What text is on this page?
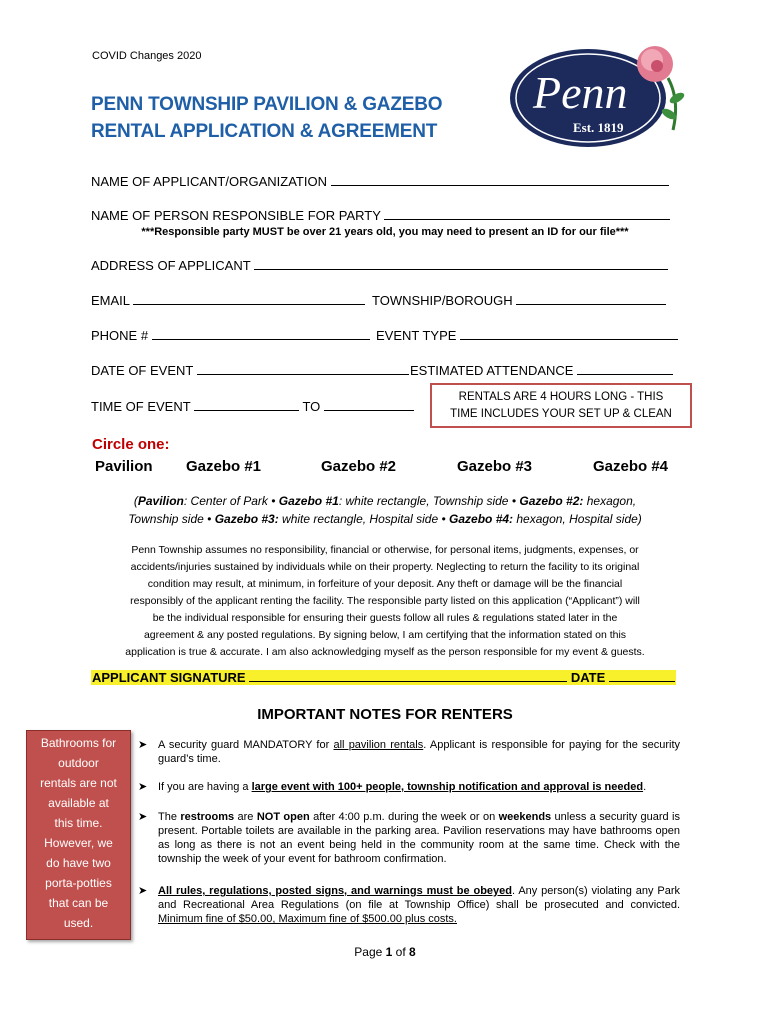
COVID Changes 2020
PENN TOWNSHIP PAVILION & GAZEBO
RENTAL APPLICATION & AGREEMENT
Penn
Est. 1819
NAME OF APPLICANT/ORGANIZATION
NAME OF PERSON RESPONSIBLE FOR PARTY
***Responsible party MUST be over 21 years old, you may need to present an ID for our file***
ADDRESS OF APPLICANT
EMAIL	TOWNSHIP/BOROUGH
PHONE #	EVENT TYPE
DATE OF EVENT	ESTIMATED ATTENDANCE
TIME OF EVENT	TO
RENTALS ARE 4 HOURS LONG - THIS
TIME INCLUDES YOUR SET UP & CLEAN
Circle one:
Pavilion Gazebo #1	Gazebo #2	Gazebo #3	Gazebo #4
(Pavilion: Center of Park • Gazebo #1: white rectangle, Township side • Gazebo #2: hexagon,
Township side • Gazebo #3: white rectangle, Hospital side • Gazebo #4: hexagon, Hospital side)
Penn Township assumes no responsibility, financial or otherwise, for personal items, judgments, expenses, or
accidents/injuries sustained by individuals while on their property. Neglecting to return the facility to its original
condition may result, at minimum, in forfeiture of your deposit. Any theft or damage will be the financial
responsibly of the applicant renting the facility. The responsible party listed on this application (“Applicant”) will
be the individual responsible for ensuring their guests follow all rules & regulations stated later in the
agreement & any posted regulations. By signing below, I am certifying that the information stated on this
application is true & accurate. I am also acknowledging myself as the person responsible for my event & guests.
APPLICANT SIGNATURE	DATE
IMPORTANT NOTES FOR RENTERS
Bathrooms for
outdoor
rentals are not
available at
this time.
However, we
do have two
porta-potties
that can be
used.
➤ A security guard MANDATORY for all pavilion rentals. Applicant is responsible for paying for the security guard’s time.
➤ If you are having a large event with 100+ people, township notification and approval is needed.
➤ The restrooms are NOT open after 4:00 p.m. during the week or on weekends unless a security guard is present. Portable toilets are available in the parking area. Pavilion reservations may have bathrooms open as long as there is not an event being held in the community room at the same time. Check with the township the week of your event for bathroom confirmation.
➤ All rules, regulations, posted signs, and warnings must be obeyed. Any person(s) violating any Park and Recreational Area Regulations (on file at Township Office) shall be prosecuted and convicted. Minimum fine of $50.00, Maximum fine of $500.00 plus costs.
Page 1 of 8
